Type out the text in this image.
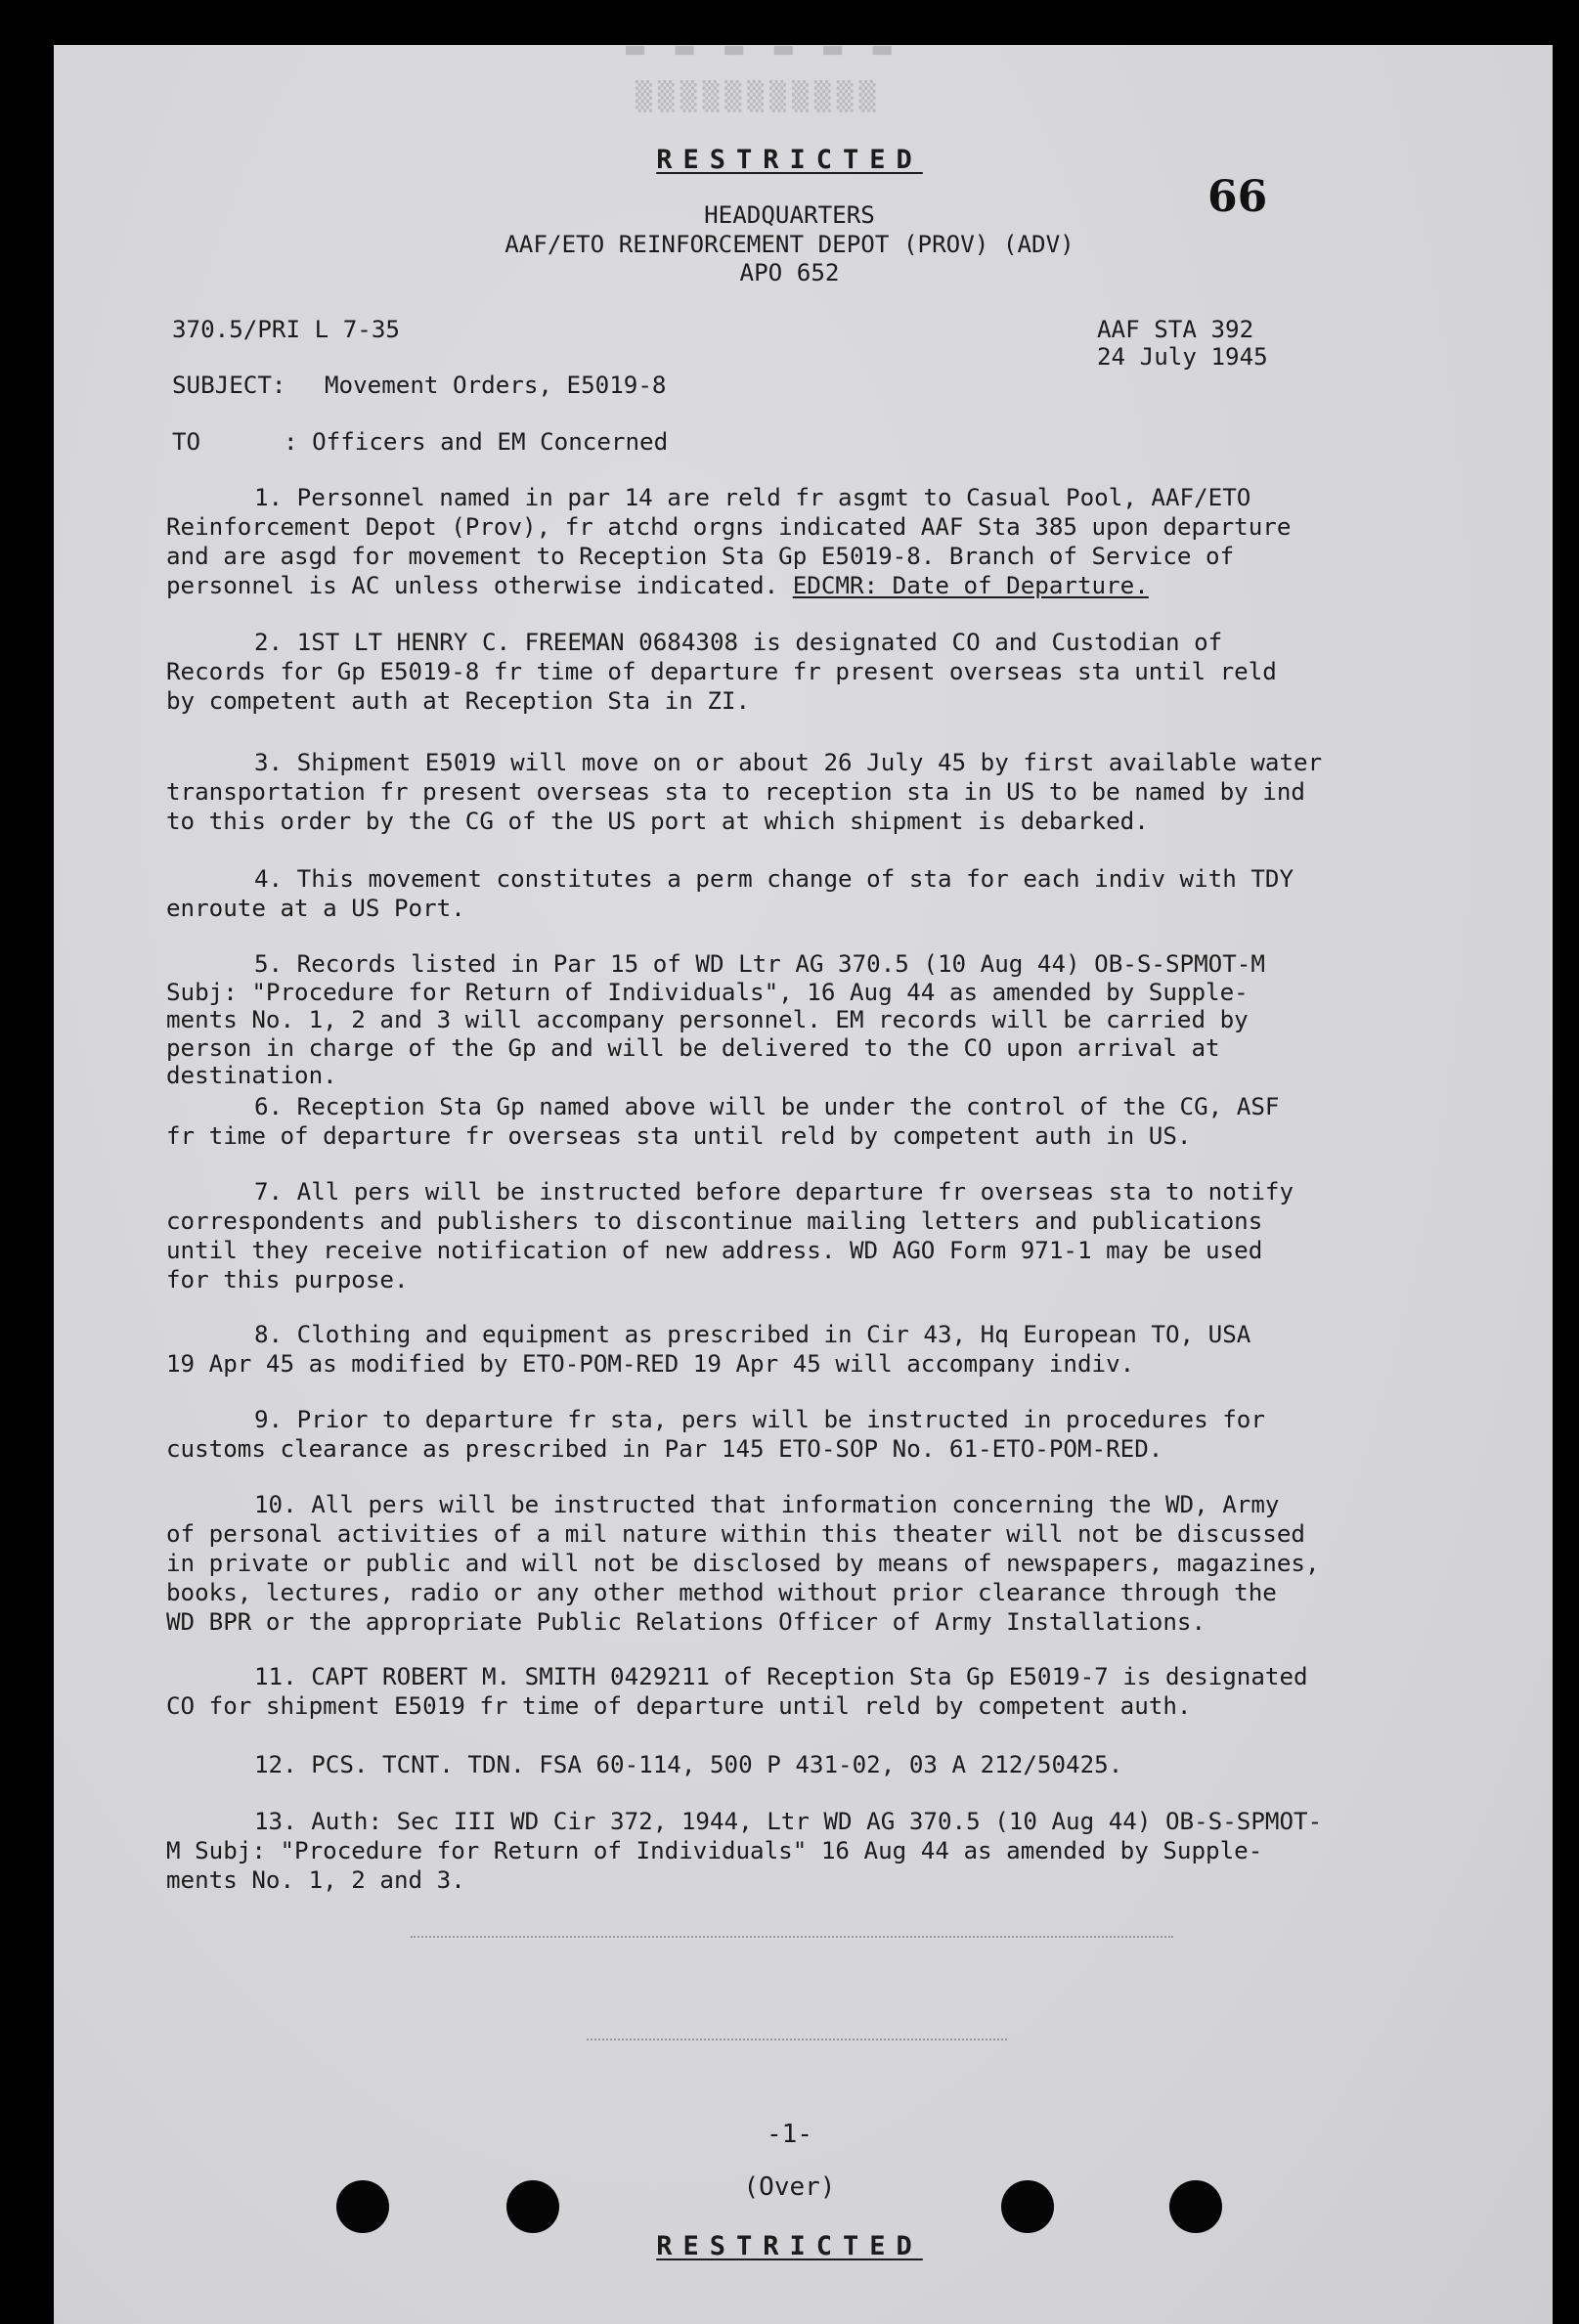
▬ ▬ ▬ ▬ ▬ ▬
▒▒▒▒▒▒▒▒▒▒▒
RESTRICTED
66
HEADQUARTERS
AAF/ETO REINFORCEMENT DEPOT (PROV) (ADV)
APO 652
370.5/PRI L 7-35	AAF STA 392
24 July 1945
SUBJECT: Movement Orders, E5019-8
TO	: Officers and EM Concerned
1. Personnel named in par 14 are reld fr asgmt to Casual Pool, AAF/ETO
Reinforcement Depot (Prov), fr atchd orgns indicated AAF Sta 385 upon departure
and are asgd for movement to Reception Sta Gp E5019-8. Branch of Service of
personnel is AC unless otherwise indicated. EDCMR: Date of Departure.
2. 1ST LT HENRY C. FREEMAN 0684308 is designated CO and Custodian of
Records for Gp E5019-8 fr time of departure fr present overseas sta until reld
by competent auth at Reception Sta in ZI.
3. Shipment E5019 will move on or about 26 July 45 by first available water
transportation fr present overseas sta to reception sta in US to be named by ind
to this order by the CG of the US port at which shipment is debarked.
4. This movement constitutes a perm change of sta for each indiv with TDY
enroute at a US Port.
5. Records listed in Par 15 of WD Ltr AG 370.5 (10 Aug 44) OB-S-SPMOT-M
Subj: "Procedure for Return of Individuals", 16 Aug 44 as amended by Supple-
ments No. 1, 2 and 3 will accompany personnel. EM records will be carried by
person in charge of the Gp and will be delivered to the CO upon arrival at
destination.
6. Reception Sta Gp named above will be under the control of the CG, ASF
fr time of departure fr overseas sta until reld by competent auth in US.
7. All pers will be instructed before departure fr overseas sta to notify
correspondents and publishers to discontinue mailing letters and publications
until they receive notification of new address. WD AGO Form 971-1 may be used
for this purpose.
8. Clothing and equipment as prescribed in Cir 43, Hq European TO, USA
19 Apr 45 as modified by ETO-POM-RED 19 Apr 45 will accompany indiv.
9. Prior to departure fr sta, pers will be instructed in procedures for
customs clearance as prescribed in Par 145 ETO-SOP No. 61-ETO-POM-RED.
10. All pers will be instructed that information concerning the WD, Army
of personal activities of a mil nature within this theater will not be discussed
in private or public and will not be disclosed by means of newspapers, magazines,
books, lectures, radio or any other method without prior clearance through the
WD BPR or the appropriate Public Relations Officer of Army Installations.
11. CAPT ROBERT M. SMITH 0429211 of Reception Sta Gp E5019-7 is designated
CO for shipment E5019 fr time of departure until reld by competent auth.
12. PCS. TCNT. TDN. FSA 60-114, 500 P 431-02, 03 A 212/50425.
13. Auth: Sec III WD Cir 372, 1944, Ltr WD AG 370.5 (10 Aug 44) OB-S-SPMOT-
M Subj: "Procedure for Return of Individuals" 16 Aug 44 as amended by Supple-
ments No. 1, 2 and 3.
-1-
(Over)
RESTRICTED
